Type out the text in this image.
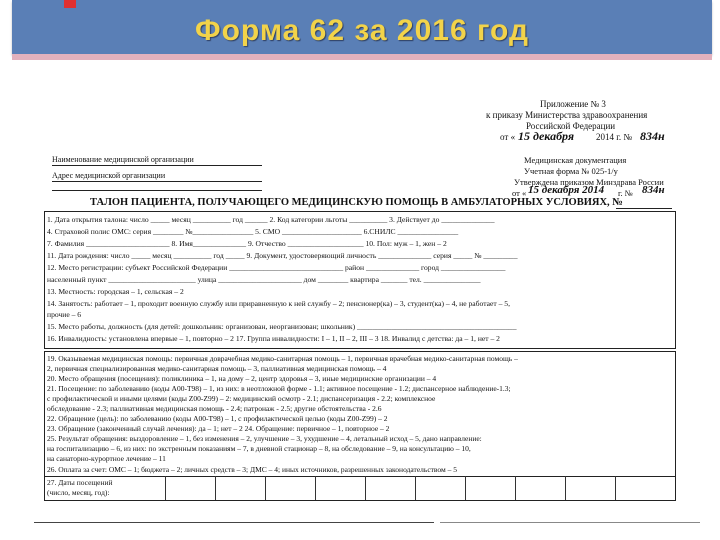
Форма 62 за 2016 год
Приложение № 3
к приказу Министерства здравоохранения
Российской Федерации
от « 15 декабря 2014 г. № 834н
Наименование медицинской организации
Адрес медицинской организации
Медицинская документация
Учетная форма № 025-1/у
Утверждена приказом Минздрава России
от « 15 декабря 2014 г. № 834н
ТАЛОН ПАЦИЕНТА, ПОЛУЧАЮЩЕГО МЕДИЦИНСКУЮ ПОМОЩЬ В АМБУЛАТОРНЫХ УСЛОВИЯХ, №
1. Дата открытия талона: число _____ месяц __________ год ______ 2. Код категории льготы __________ 3. Действует до ______________
4. Страховой полис ОМС: серия ________ №________________ 5. СМО _____________________ 6.СНИЛС ________________
7. Фамилия ______________________ 8. Имя______________ 9. Отчество ____________________ 10. Пол: муж – 1, жен – 2
11. Дата рождения: число _____ месяц __________ год _____ 9. Документ, удостоверяющий личность ______________ серия _____ № _________
12. Место регистрации: субъект Российской Федерации ______________________________ район ______________ город _________________
населенный пункт _______________________ улица ______________________ дом ________ квартира _______ тел. _______________
13. Местность: городская – 1, сельская – 2
14. Занятость: работает – 1, проходит военную службу или приравненную к ней службу – 2; пенсионер(ка) – 3, студент(ка) – 4, не работает – 5,
прочие – 6
15. Место работы, должность (для детей: дошкольник: организован, неорганизован; школьник) __________________________________________
16. Инвалидность: установлена впервые – 1, повторно – 2 17. Группа инвалидности: I – 1, II – 2, III – 3 18. Инвалид с детства: да – 1, нет – 2
19. Оказываемая медицинская помощь: первичная доврачебная медико-санитарная помощь – 1, первичная врачебная медико-санитарная помощь –
2, первичная специализированная медико-санитарная помощь – 3, паллиативная медицинская помощь – 4
20. Место обращения (посещения): поликлиника – 1, на дому – 2, центр здоровья – 3, иные медицинские организации – 4
21. Посещение: по заболеванию (коды А00-Т98) – 1, из них: в неотложной форме - 1.1; активное посещение - 1.2; диспансерное наблюдение-1.3;
с профилактической и иными целями (коды Z00-Z99) – 2: медицинский осмотр - 2.1; диспансеризация - 2.2; комплексное
обследование - 2.3; паллиативная медицинская помощь - 2.4; патронаж - 2.5; другие обстоятельства - 2.6
22. Обращение (цель): по заболеванию (коды А00-Т98) – 1, с профилактической целью (коды Z00-Z99) – 2
23. Обращение (законченный случай лечения): да – 1; нет – 2 24. Обращение: первичное – 1, повторное – 2
25. Результат обращения: выздоровление – 1, без изменения – 2, улучшение – 3, ухудшение – 4, летальный исход – 5, дано направление:
на госпитализацию – 6, из них: по экстренным показаниям – 7, в дневной стационар – 8, на обследование – 9, на консультацию – 10,
на санаторно-курортное лечение – 11
26. Оплата за счет: ОМС – 1; бюджета – 2; личных средств – 3; ДМС – 4; иных источников, разрешенных законодательством – 5
27. Даты посещений
(число, месяц, год):
